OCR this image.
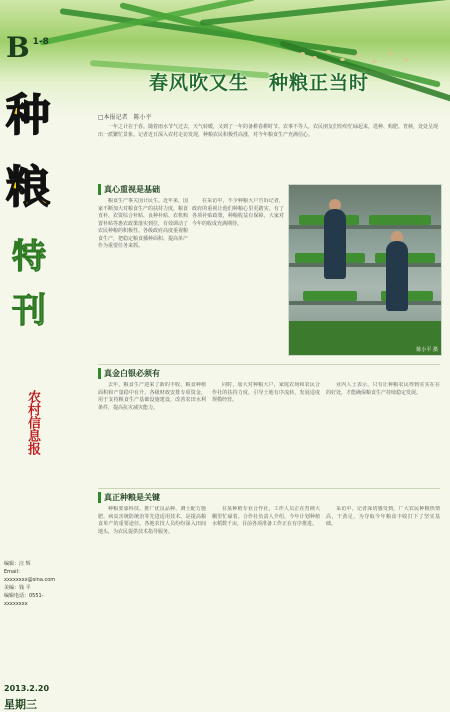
B 1-8
春风吹又生　种粮正当时
种
粮
特
刊
农村信息报
编辑：汪 辉
Email：xxxxxxxx@sina.com
美编：钱 平
编辑电话：0551-xxxxxxxx
2013.2.20
星期三
□本报记者　陈小平
一年之计在于春。随着雨水节气过去，天气转暖，又到了一年的备耕春耕时节。农事不等人，农民朋友们纷纷忙碌起来，选种、购肥、育秧，处处呈现出一派繁忙景象。记者近日深入农村走访发现，种粮农民积极性高涨，对今年粮食生产充满信心。
真心重视是基础

粮食生产事关国计民生。近年来，国家不断加大对粮食生产的扶持力度，粮食直补、农资综合补贴、良种补贴、农机购置补贴等惠农政策落实到位，有效调动了农民种粮的积极性。各级政府高度重视粮食生产，把稳定粮食播种面积、提高单产作为重要任务来抓。

在采访中，不少种粮大户告诉记者，政府的重视让他们种粮心里更踏实。有了各项补贴政策，种粮收益有保障，大家对今年的收成充满期待。

陈小平 摄
真金白银必须有

去年，粮食生产迎来了新的丰收，粮食种植面积和产量稳中有升。各级财政安排专项资金，用于支持粮食生产基础设施建设，改善农田水利条件，提高抗灾减灾能力。

同时，加大对种粮大户、家庭农场和农民合作社的扶持力度，引导土地有序流转，发展适度规模经营。

业内人士表示，只有让种粮农民得到实实在在的好处，才能确保粮食生产持续稳定发展。

真正种粮是关键

种粮要靠科技。推广优良品种、测土配方施肥、病虫害统防统治等先进适用技术，是提高粮食单产的重要途径。各地农技人员纷纷深入田间地头，为农民提供技术指导服务。

在某种植专业合作社，工作人员正在育秧大棚里忙碌着。合作社负责人介绍，今年计划种植水稻数千亩，目前各项准备工作正在有序推进。

采访中，记者深切感受到，广大农民种粮热情高，干劲足，为夺取今年粮食丰收打下了坚实基础。
